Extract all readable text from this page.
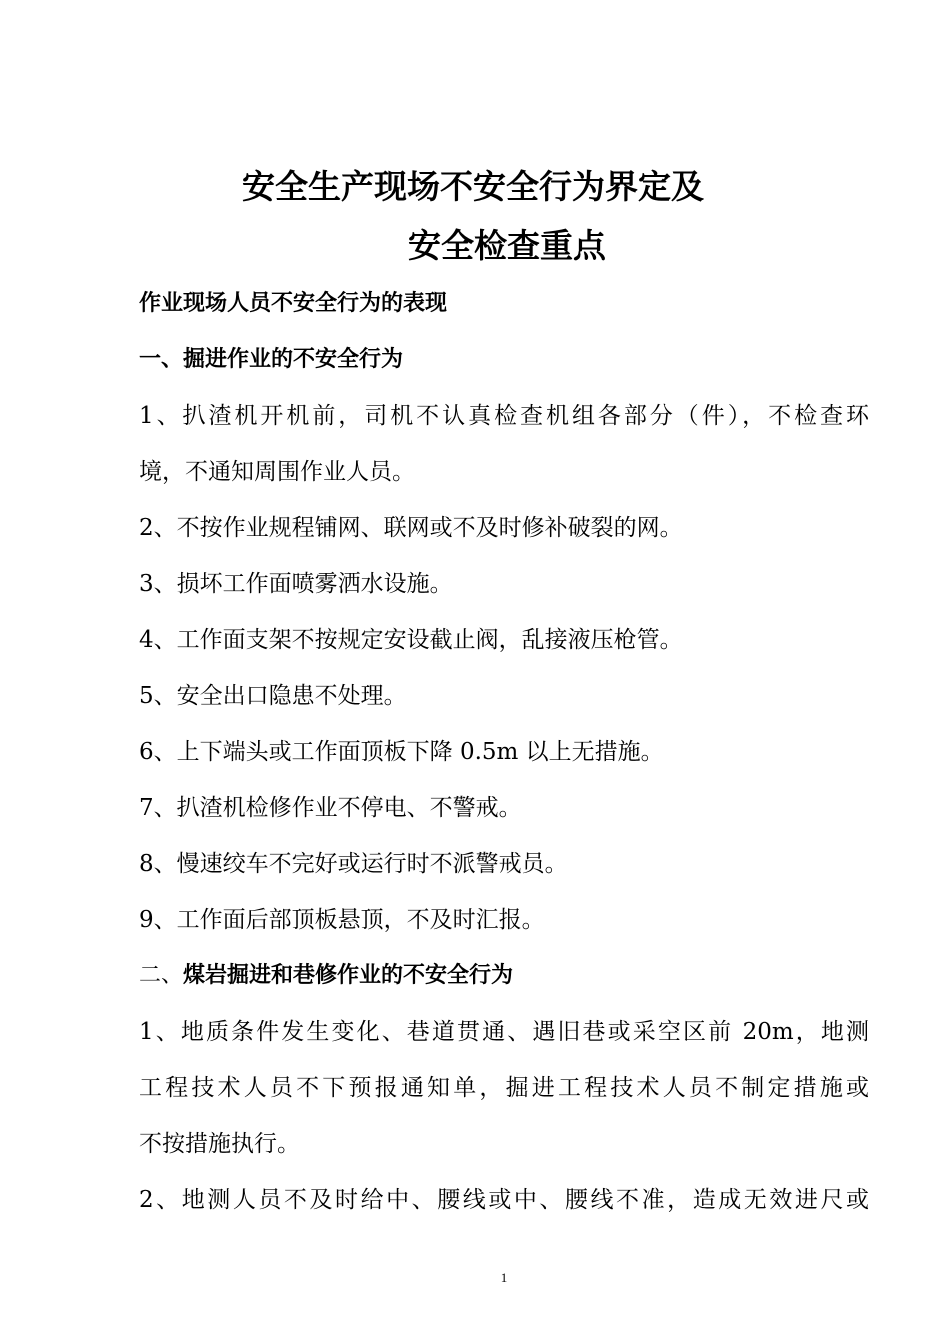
安全生产现场不安全行为界定及
安全检查重点
作业现场人员不安全行为的表现
一、掘进作业的不安全行为
1、扒渣机开机前，司机不认真检查机组各部分（件），不检查环
境，不通知周围作业人员。
2、不按作业规程铺网、联网或不及时修补破裂的网。
3、损坏工作面喷雾洒水设施。
4、工作面支架不按规定安设截止阀，乱接液压枪管。
5、安全出口隐患不处理。
6、上下端头或工作面顶板下降 0.5m 以上无措施。
7、扒渣机检修作业不停电、不警戒。
8、慢速绞车不完好或运行时不派警戒员。
9、工作面后部顶板悬顶，不及时汇报。
二、煤岩掘进和巷修作业的不安全行为
1、地质条件发生变化、巷道贯通、遇旧巷或采空区前 20m，地测
工程技术人员不下预报通知单，掘进工程技术人员不制定措施或
不按措施执行。
2、地测人员不及时给中、腰线或中、腰线不准，造成无效进尺或
1
